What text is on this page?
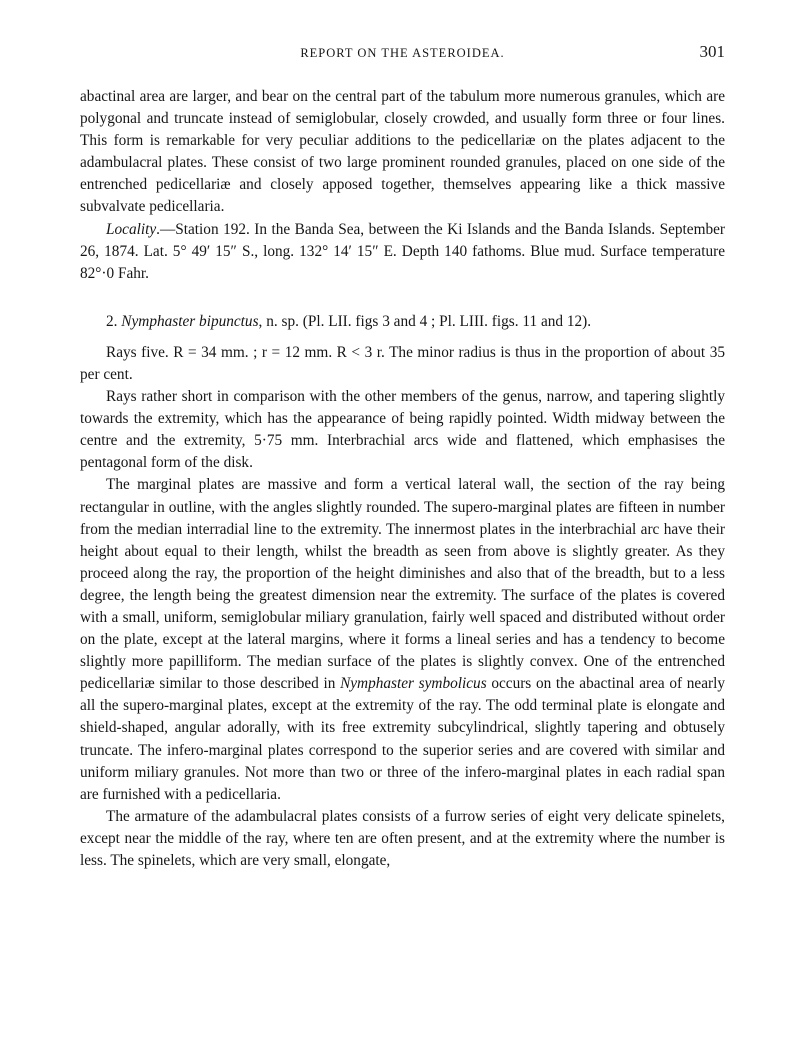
REPORT ON THE ASTEROIDEA.	301

abactinal area are larger, and bear on the central part of the tabulum more numerous granules, which are polygonal and truncate instead of semiglobular, closely crowded, and usually form three or four lines. This form is remarkable for very peculiar additions to the pedicellariæ on the plates adjacent to the adambulacral plates. These consist of two large prominent rounded granules, placed on one side of the entrenched pedicellariæ and closely apposed together, themselves appearing like a thick massive subvalvate pedicellaria.

Locality.—Station 192. In the Banda Sea, between the Ki Islands and the Banda Islands. September 26, 1874. Lat. 5° 49′ 15″ S., long. 132° 14′ 15″ E. Depth 140 fathoms. Blue mud. Surface temperature 82°·0 Fahr.

2. Nymphaster bipunctus, n. sp. (Pl. LII. figs 3 and 4 ; Pl. LIII. figs. 11 and 12).

Rays five. R = 34 mm. ; r = 12 mm. R < 3 r. The minor radius is thus in the proportion of about 35 per cent.

Rays rather short in comparison with the other members of the genus, narrow, and tapering slightly towards the extremity, which has the appearance of being rapidly pointed. Width midway between the centre and the extremity, 5·75 mm. Interbrachial arcs wide and flattened, which emphasises the pentagonal form of the disk.

The marginal plates are massive and form a vertical lateral wall, the section of the ray being rectangular in outline, with the angles slightly rounded. The supero-marginal plates are fifteen in number from the median interradial line to the extremity. The innermost plates in the interbrachial arc have their height about equal to their length, whilst the breadth as seen from above is slightly greater. As they proceed along the ray, the proportion of the height diminishes and also that of the breadth, but to a less degree, the length being the greatest dimension near the extremity. The surface of the plates is covered with a small, uniform, semiglobular miliary granulation, fairly well spaced and distributed without order on the plate, except at the lateral margins, where it forms a lineal series and has a tendency to become slightly more papilliform. The median surface of the plates is slightly convex. One of the entrenched pedicellariæ similar to those described in Nymphaster symbolicus occurs on the abactinal area of nearly all the supero-marginal plates, except at the extremity of the ray. The odd terminal plate is elongate and shield-shaped, angular adorally, with its free extremity subcylindrical, slightly tapering and obtusely truncate. The infero-marginal plates correspond to the superior series and are covered with similar and uniform miliary granules. Not more than two or three of the infero-marginal plates in each radial span are furnished with a pedicellaria.

The armature of the adambulacral plates consists of a furrow series of eight very delicate spinelets, except near the middle of the ray, where ten are often present, and at the extremity where the number is less. The spinelets, which are very small, elongate,
